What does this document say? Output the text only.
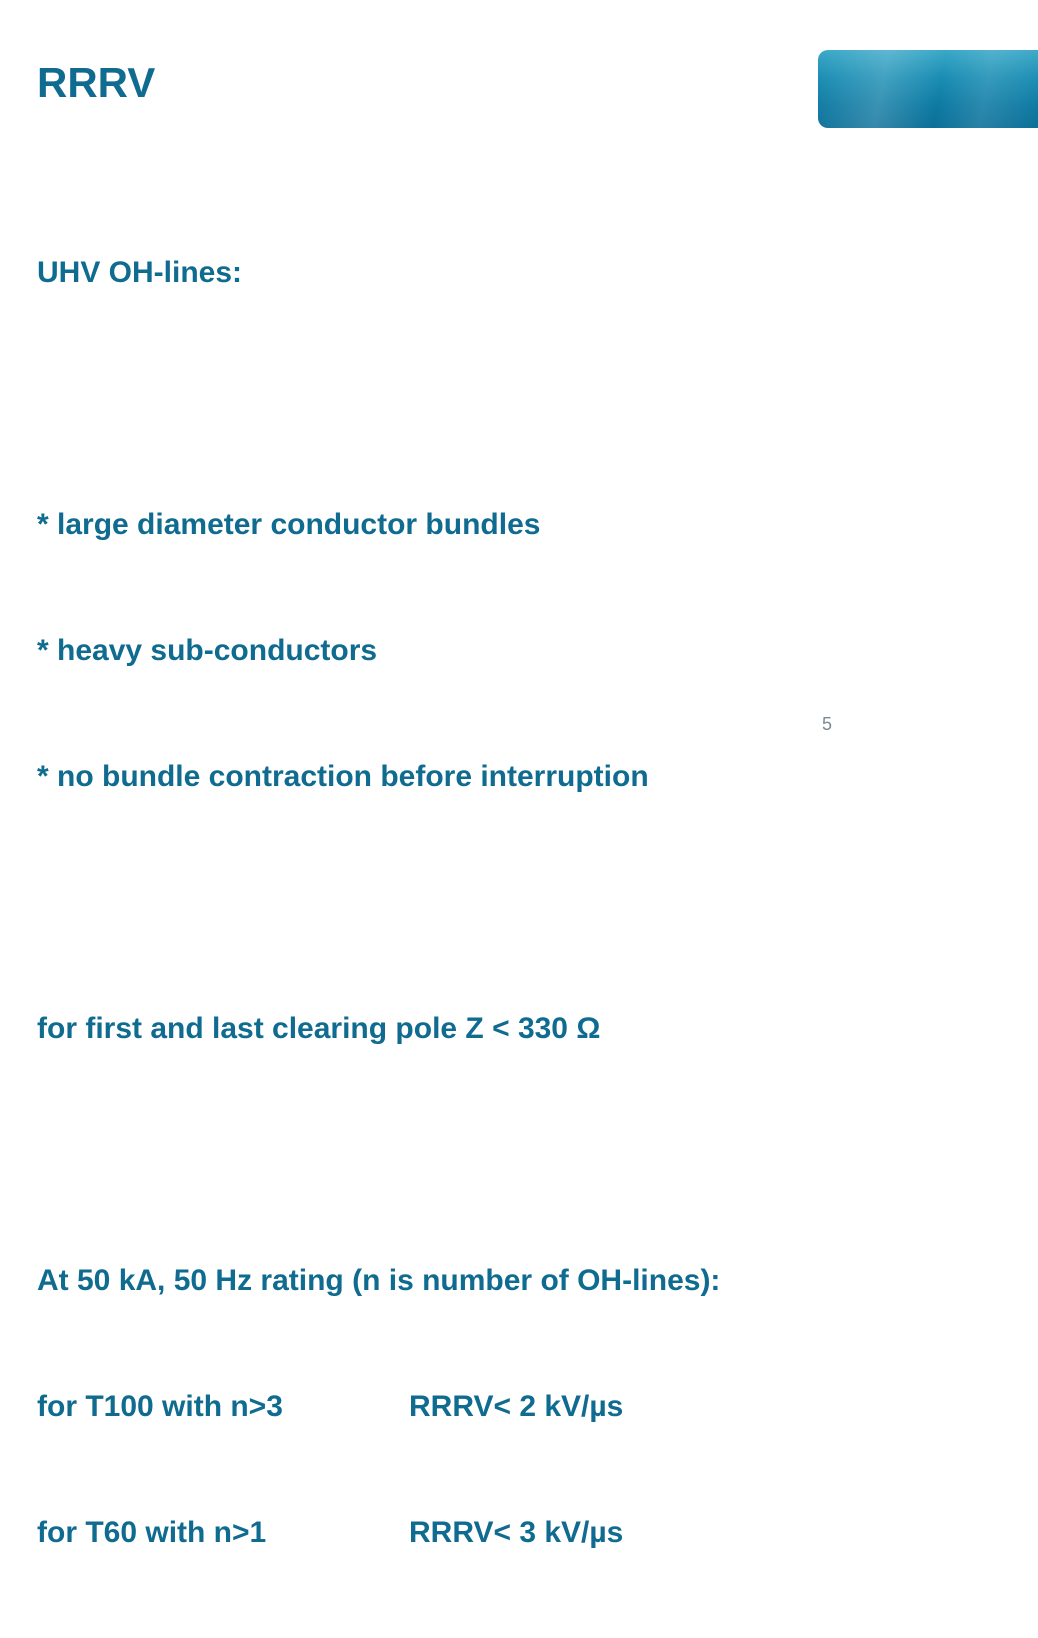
RRRV

UHV OH-lines:

* large diameter conductor bundles

* heavy sub-conductors

* no bundle contraction before interruption

for first and last clearing pole Z < 330 Ω

At 50 kA, 50 Hz rating (n is number of OH-lines):

for T100 with n>3	RRRV< 2 kV/µs

for T60 with n>1	RRRV< 3 kV/µs

5
